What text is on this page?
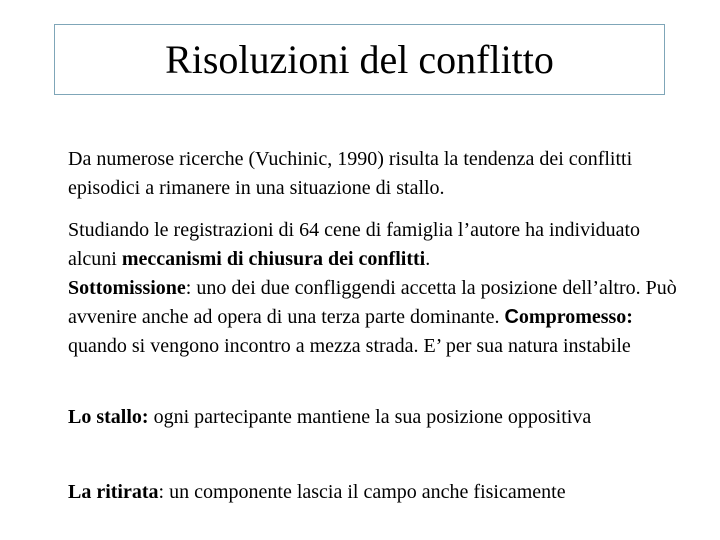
Risoluzioni del conflitto

Da numerose ricerche (Vuchinic, 1990) risulta la tendenza dei conflitti episodici a rimanere in una situazione di stallo.

Studiando le registrazioni di 64 cene di famiglia l’autore ha individuato alcuni meccanismi di chiusura dei conflitti.
Sottomissione: uno dei due confliggendi accetta la posizione dell’altro. Può avvenire anche ad opera di una terza parte dominante. Compromesso: quando si vengono incontro a mezza strada. E’ per sua natura instabile

Lo stallo: ogni partecipante mantiene la sua posizione oppositiva

La ritirata: un componente lascia il campo anche fisicamente
